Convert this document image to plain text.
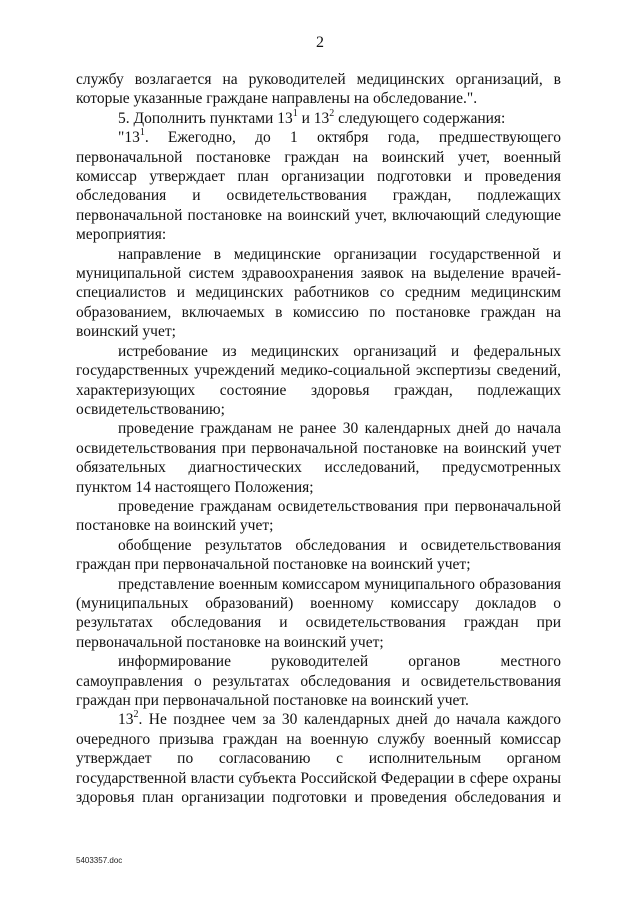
2

службу возлагается на руководителей медицинских организаций, в которые указанные граждане направлены на обследование.".

5. Дополнить пунктами $13^1$ и $13^2$ следующего содержания:

"$13^1$. Ежегодно, до 1 октября года, предшествующего первоначальной постановке граждан на воинский учет, военный комиссар утверждает план организации подготовки и проведения обследования и освидетельствования граждан, подлежащих первоначальной постановке на воинский учет, включающий следующие мероприятия:

направление в медицинские организации государственной и муниципальной систем здравоохранения заявок на выделение врачей-специалистов и медицинских работников со средним медицинским образованием, включаемых в комиссию по постановке граждан на воинский учет;

истребование из медицинских организаций и федеральных государственных учреждений медико-социальной экспертизы сведений, характеризующих состояние здоровья граждан, подлежащих освидетельствованию;

проведение гражданам не ранее 30 календарных дней до начала освидетельствования при первоначальной постановке на воинский учет обязательных диагностических исследований, предусмотренных пунктом 14 настоящего Положения;

проведение гражданам освидетельствования при первоначальной постановке на воинский учет;

обобщение результатов обследования и освидетельствования граждан при первоначальной постановке на воинский учет;

представление военным комиссаром муниципального образования (муниципальных образований) военному комиссару докладов о результатах обследования и освидетельствования граждан при первоначальной постановке на воинский учет;

информирование руководителей органов местного самоуправления о результатах обследования и освидетельствования граждан при первоначальной постановке на воинский учет.

$13^2$. Не позднее чем за 30 календарных дней до начала каждого очередного призыва граждан на военную службу военный комиссар утверждает по согласованию с исполнительным органом государственной власти субъекта Российской Федерации в сфере охраны здоровья план организации подготовки и проведения обследования и

5403357.doc
